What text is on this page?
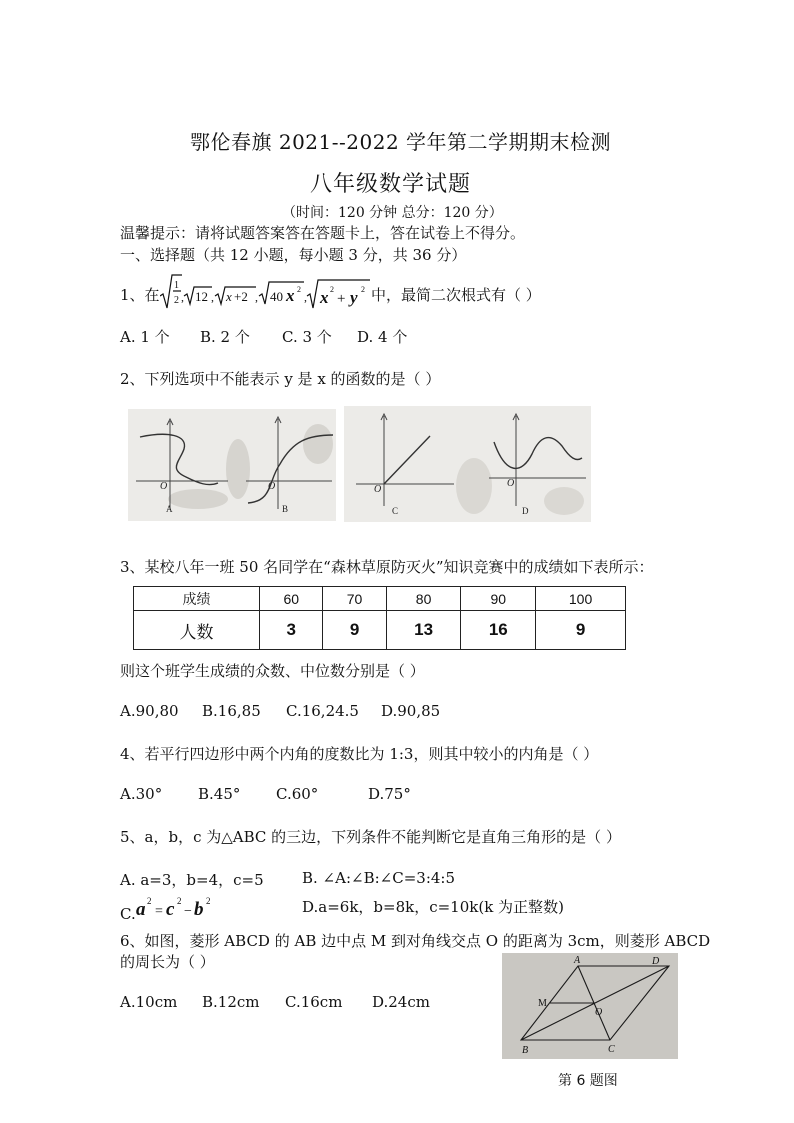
鄂伦春旗 2021--2022 学年第二学期期末检测
八年级数学试题
（时间：120 分钟 总分：120 分）
温馨提示：请将试题答案答在答题卡上，答在试卷上不得分。
一、选择题（共 12 小题，每小题 3 分，共 36 分）
1、在
1
2 , 12 , x +2 , 40 x 2
, x 2
+ y 2 中，最简二次根式有（ ）
A. 1 个 B. 2 个 C. 3 个 D. 4 个
2、下列选项中不能表示 y 是 x 的函数的是（ ）
O
A
O
B
O
C
O
D
3、某校八年一班 50 名同学在“森林草原防灭火”知识竞赛中的成绩如下表所示：
成绩	60	70	80	90	100
人数	3	9	13	16	9
则这个班学生成绩的众数、中位数分别是（ ）
A.90,80 B.16,85 C.16,24.5 D.90,85
4、若平行四边形中两个内角的度数比为 1:3，则其中较小的内角是（ ）
A.30° B.45° C.60°	D.75°
5、a，b，c 为△ABC 的三边，下列条件不能判断它是直角三角形的是（ ）
A. a=3，b=4，c=5	B. ∠A:∠B:∠C=3:4:5
C. a 2
= c 2
− b 2	D.a=6k，b=8k，c=10k(k 为正整数)
6、如图，菱形 ABCD 的 AB 边中点 M 到对角线交点 O 的距离为 3cm，则菱形 ABCD
的周长为（ ）
A.10cm B.12cm C.16cm D.24cm
A	D
M
O
B	C
第 6 题图
